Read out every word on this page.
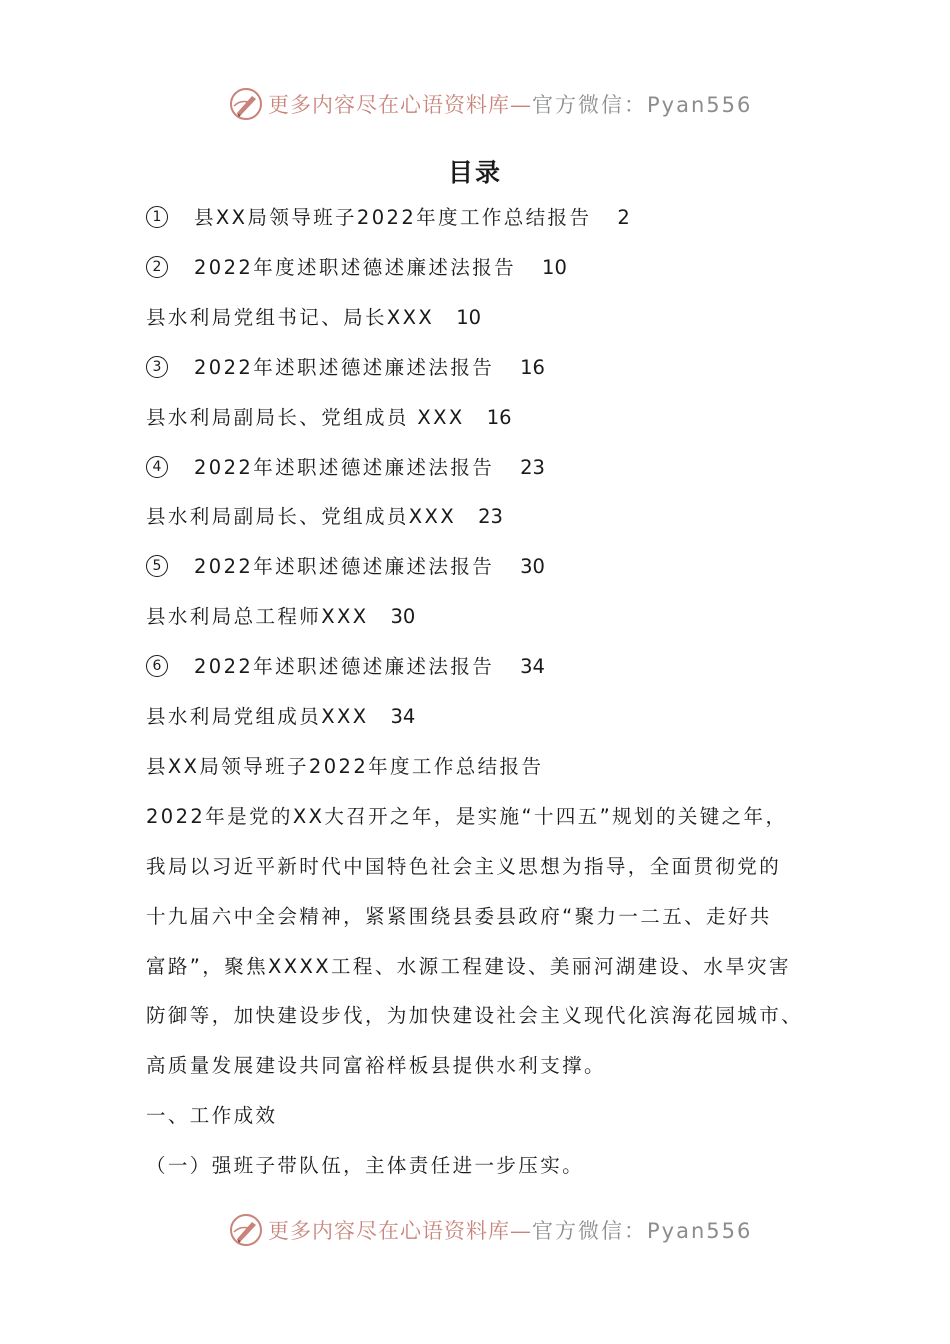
更多内容尽在心语资料库—官方微信：Pyan556
目录
1 县XX局领导班子2022年度工作总结报告 2
2 2022年度述职述德述廉述法报告 10
县水利局党组书记、局长XXX 10
3 2022年述职述德述廉述法报告 16
县水利局副局长、党组成员 XXX 16
4 2022年述职述德述廉述法报告 23
县水利局副局长、党组成员XXX 23
5 2022年述职述德述廉述法报告 30
县水利局总工程师XXX 30
6 2022年述职述德述廉述法报告 34
县水利局党组成员XXX 34
县XX局领导班子2022年度工作总结报告
2022年是党的XX大召开之年，是实施“十四五”规划的关键之年，
我局以习近平新时代中国特色社会主义思想为指导，全面贯彻党的
十九届六中全会精神，紧紧围绕县委县政府“聚力一二五、走好共
富路”，聚焦XXXX工程、水源工程建设、美丽河湖建设、水旱灾害
防御等，加快建设步伐，为加快建设社会主义现代化滨海花园城市、
高质量发展建设共同富裕样板县提供水利支撑。
一、工作成效
（一）强班子带队伍，主体责任进一步压实。
更多内容尽在心语资料库—官方微信：Pyan556
